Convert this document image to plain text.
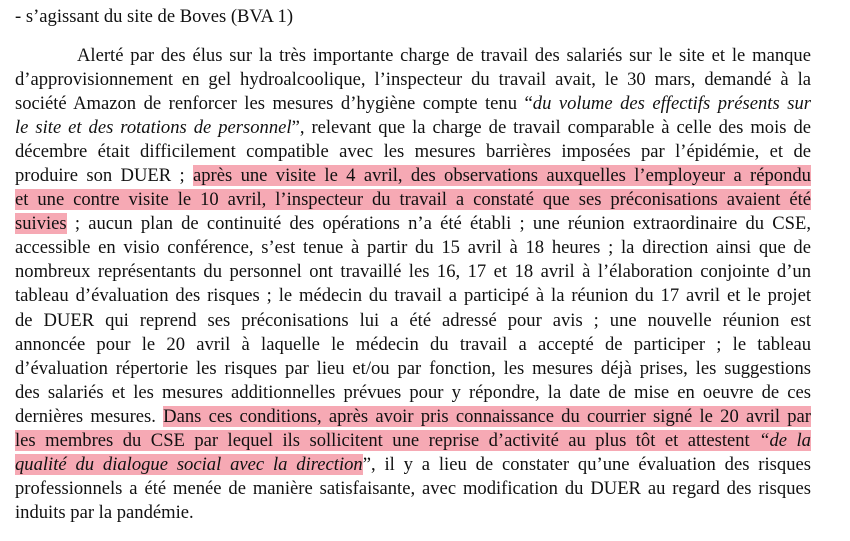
- s’agissant du site de Boves (BVA 1)
Alerté par des élus sur la très importante charge de travail des salariés sur le site et le manque
d’approvisionnement en gel hydroalcoolique, l’inspecteur du travail avait, le 30 mars, demandé à la
société Amazon de renforcer les mesures d’hygiène compte tenu “du volume des effectifs présents sur
le site et des rotations de personnel”, relevant que la charge de travail comparable à celle des mois de
décembre était difficilement compatible avec les mesures barrières imposées par l’épidémie, et de
produire son DUER ; après une visite le 4 avril, des observations auxquelles l’employeur a répondu
et une contre visite le 10 avril, l’inspecteur du travail a constaté que ses préconisations avaient été
suivies ; aucun plan de continuité des opérations n’a été établi ; une réunion extraordinaire du CSE,
accessible en visio conférence, s’est tenue à partir du 15 avril à 18 heures ; la direction ainsi que de
nombreux représentants du personnel ont travaillé les 16, 17 et 18 avril à l’élaboration conjointe d’un
tableau d’évaluation des risques ; le médecin du travail a participé à la réunion du 17 avril et le projet
de DUER qui reprend ses préconisations lui a été adressé pour avis ; une nouvelle réunion est
annoncée pour le 20 avril à laquelle le médecin du travail a accepté de participer ; le tableau
d’évaluation répertorie les risques par lieu et/ou par fonction, les mesures déjà prises, les suggestions
des salariés et les mesures additionnelles prévues pour y répondre, la date de mise en oeuvre de ces
dernières mesures. Dans ces conditions, après avoir pris connaissance du courrier signé le 20 avril par
les membres du CSE par lequel ils sollicitent une reprise d’activité au plus tôt et attestent “de la
qualité du dialogue social avec la direction”, il y a lieu de constater qu’une évaluation des risques
professionnels a été menée de manière satisfaisante, avec modification du DUER au regard des risques
induits par la pandémie.
